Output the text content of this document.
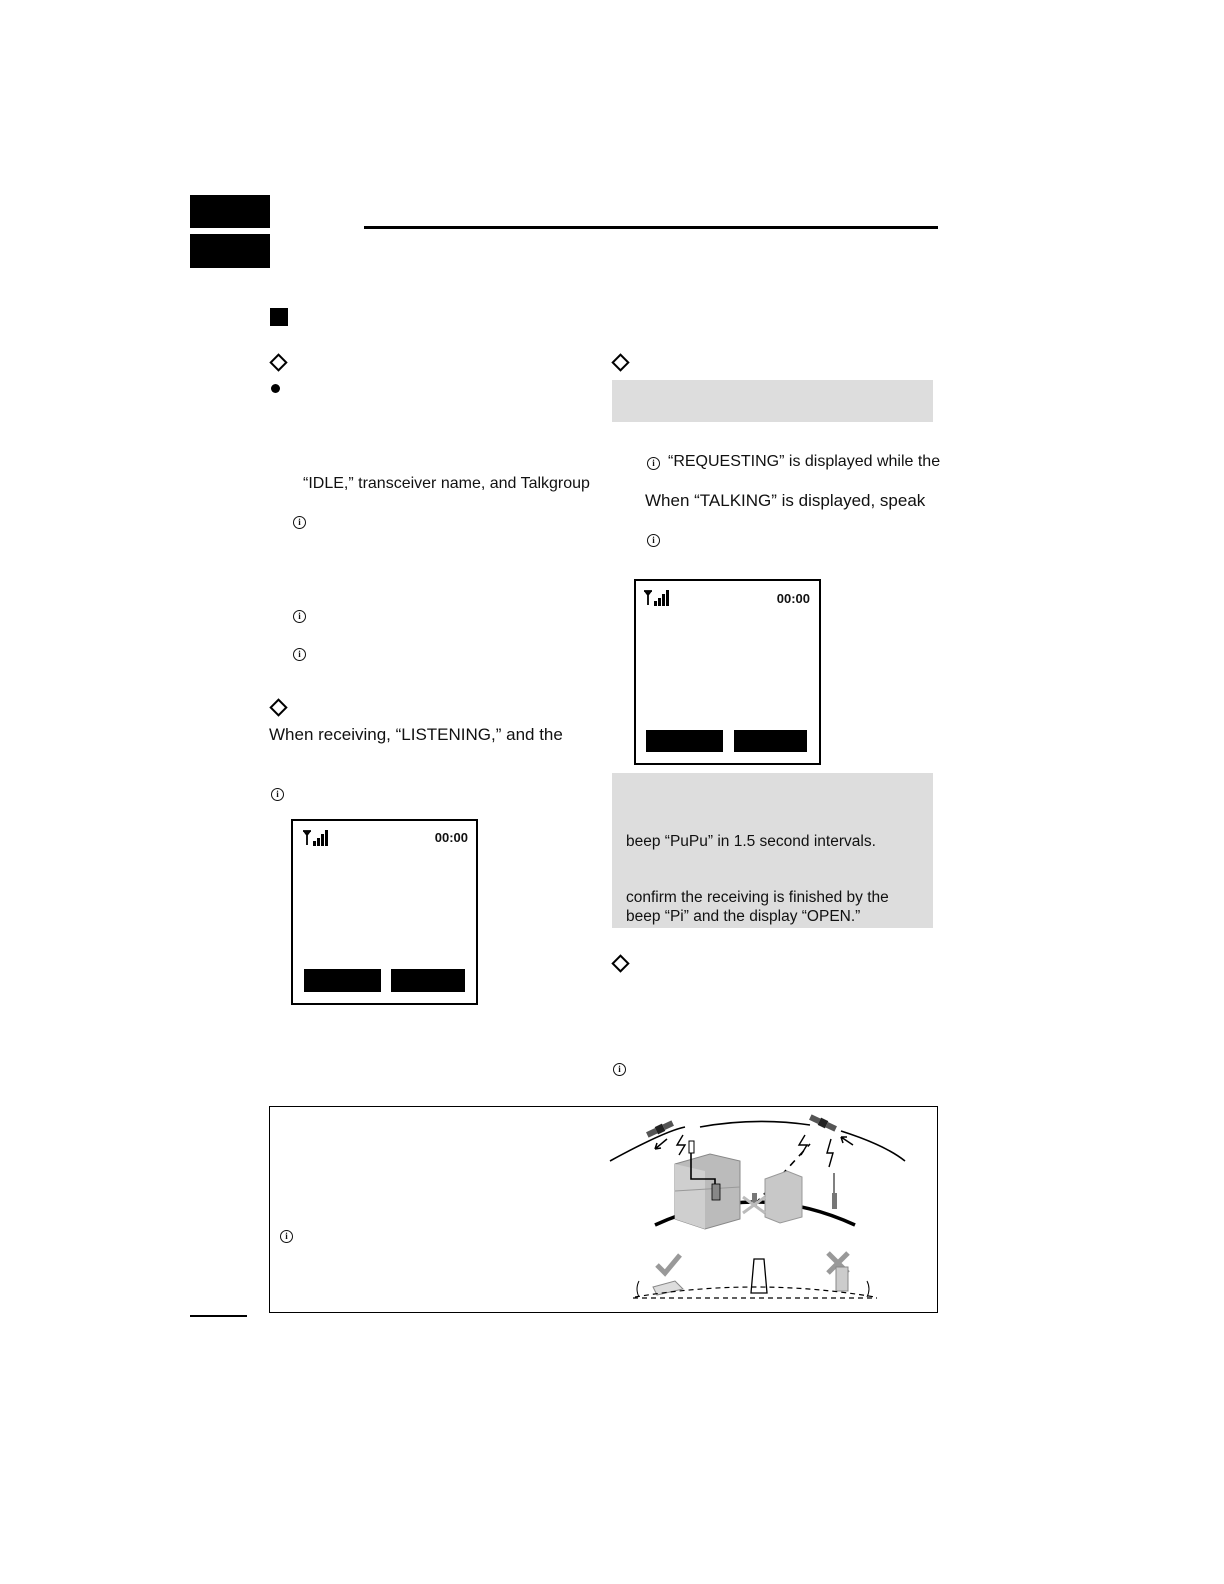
“IDLE,” transceiver name, and Talkgroup
i
i
i
When receiving, “LISTENING,” and the
i
00:00
i “REQUESTING” is displayed while the
When “TALKING” is displayed, speak
i
00:00
beep “PuPu” in 1.5 second intervals.
confirm the receiving is finished by the
beep “Pi” and the display “OPEN.”
i
i
